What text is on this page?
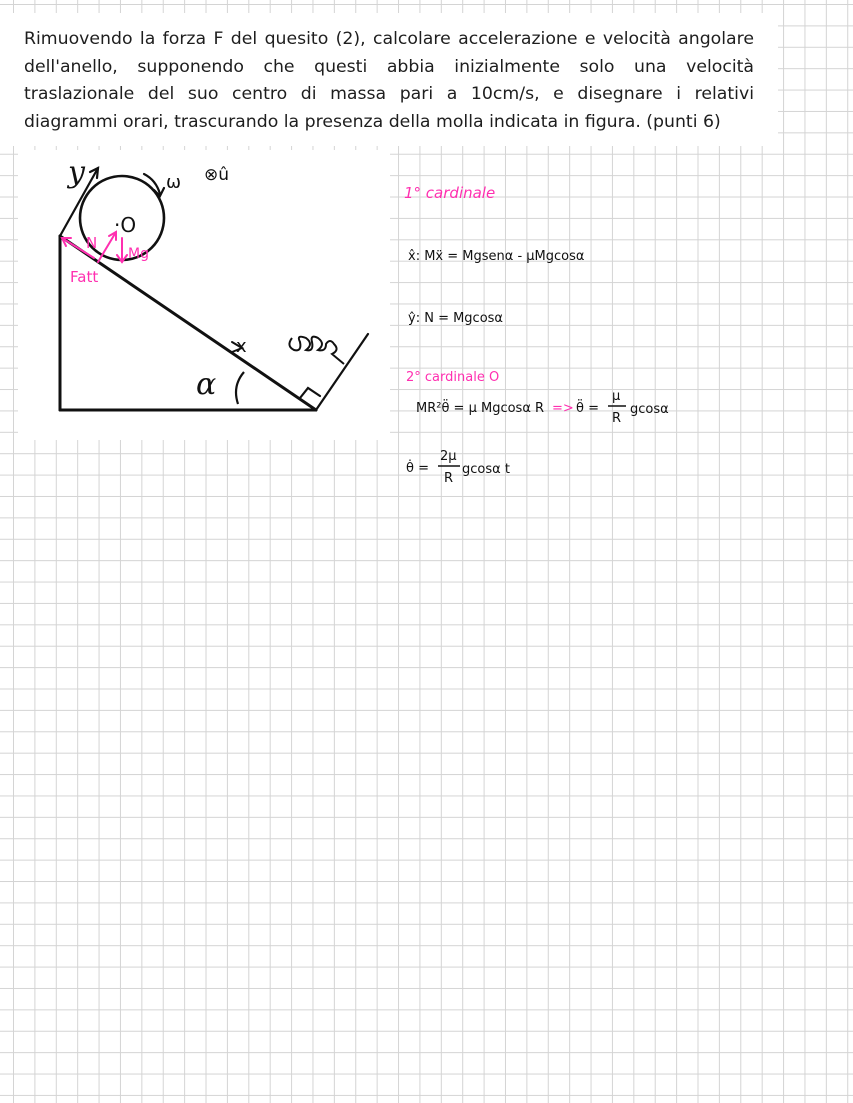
Rimuovendo la forza F del quesito (2), calcolare accelerazione e velocità angolare dell'anello, supponendo che questi abbia inizialmente solo una velocità traslazionale del suo centro di massa pari a 10cm/s, e disegnare i relativi diagrammi orari, trascurando la presenza della molla indicata in figura. (punti 6)

y
·O
ω ⊗û
N
Mg
Fatt
x
α
1° cardinale
x̂: Mẍ = Mgsenα - μMgcosα
ŷ: N = Mgcosα
2° cardinale O
MR²θ̈ = μ Mgcosα R => θ̈ =
μ
R
gcosα
θ̇ =
2μ
R
gcosα t
